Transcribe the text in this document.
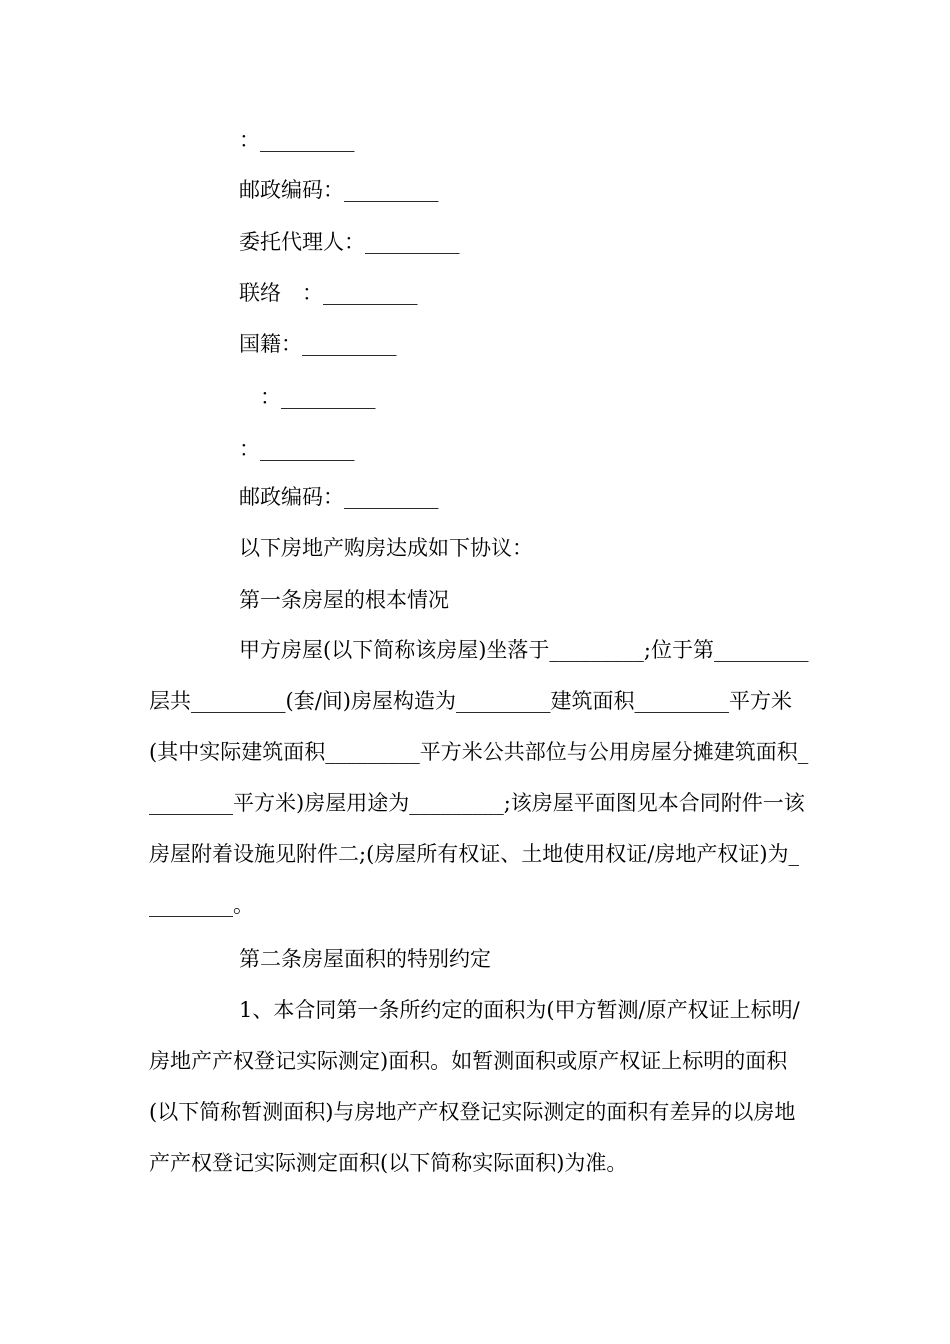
：_________
邮政编码：_________
委托代理人：_________
联络　：_________
国籍：_________
　：_________
：_________
邮政编码：_________
以下房地产购房达成如下协议：
第一条房屋的根本情况
甲方房屋(以下简称该房屋)坐落于_________;位于第_________层共_________(套/间)房屋构造为_________建筑面积_________平方米(其中实际建筑面积_________平方米公共部位与公用房屋分摊建筑面积_________平方米)房屋用途为_________;该房屋平面图见本合同附件一该房屋附着设施见附件二;(房屋所有权证、土地使用权证/房地产权证)为_________。
第二条房屋面积的特别约定
1、本合同第一条所约定的面积为(甲方暂测/原产权证上标明/房地产产权登记实际测定)面积。如暂测面积或原产权证上标明的面积(以下简称暂测面积)与房地产产权登记实际测定的面积有差异的以房地产产权登记实际测定面积(以下简称实际面积)为准。
